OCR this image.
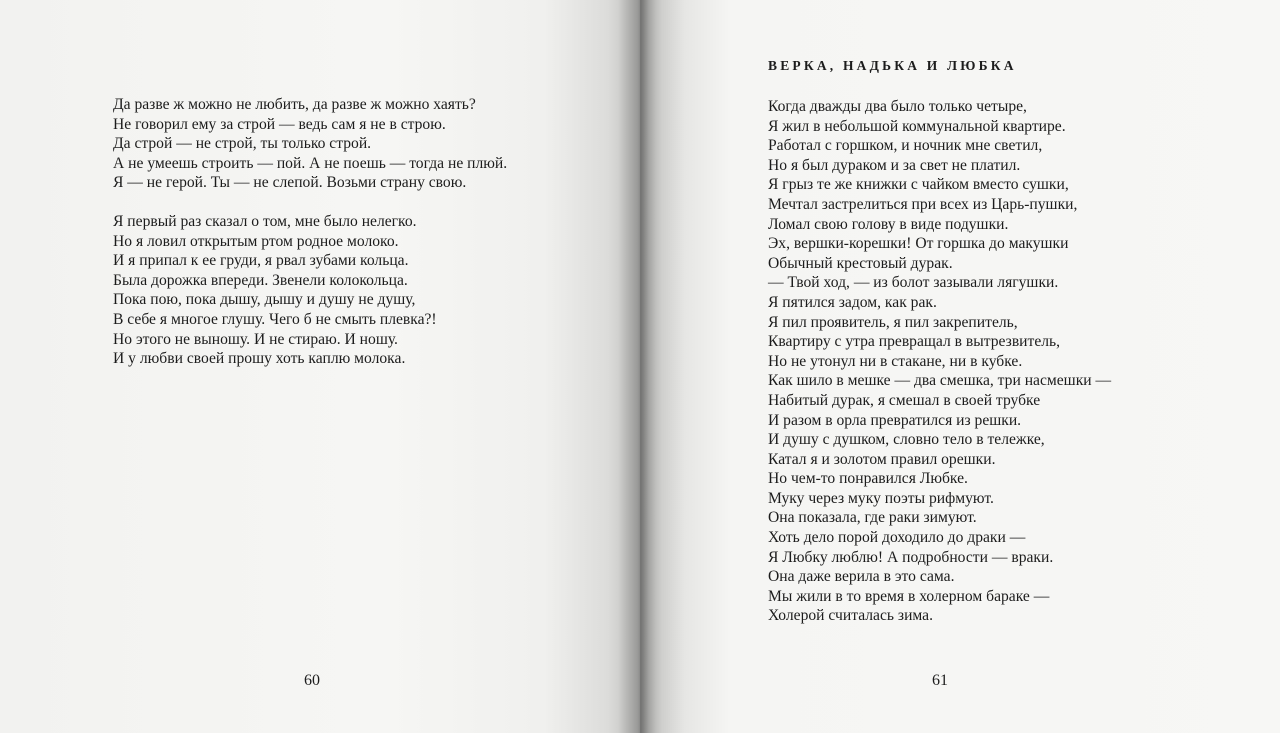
Да разве ж можно не любить, да разве ж можно хаять?
Не говорил ему за строй — ведь сам я не в строю.
Да строй — не строй, ты только строй.
А не умеешь строить — пой. А не поешь — тогда не плюй.
Я — не герой. Ты — не слепой. Возьми страну свою.
Я первый раз сказал о том, мне было нелегко.
Но я ловил открытым ртом родное молоко.
И я припал к ее груди, я рвал зубами кольца.
Была дорожка впереди. Звенели колокольца.
Пока пою, пока дышу, дышу и душу не душу,
В себе я многое глушу. Чего б не смыть плевка?!
Но этого не выношу. И не стираю. И ношу.
И у любви своей прошу хоть каплю молока.
60
ВЕРКА, НАДЬКА И ЛЮБКА
Когда дважды два было только четыре,
Я жил в небольшой коммунальной квартире.
Работал с горшком, и ночник мне светил,
Но я был дураком и за свет не платил.
Я грыз те же книжки с чайком вместо сушки,
Мечтал застрелиться при всех из Царь-пушки,
Ломал свою голову в виде подушки.
Эх, вершки-корешки! От горшка до макушки
Обычный крестовый дурак.
— Твой ход, — из болот зазывали лягушки.
Я пятился задом, как рак.
Я пил проявитель, я пил закрепитель,
Квартиру с утра превращал в вытрезвитель,
Но не утонул ни в стакане, ни в кубке.
Как шило в мешке — два смешка, три насмешки —
Набитый дурак, я смешал в своей трубке
И разом в орла превратился из решки.
И душу с душком, словно тело в тележке,
Катал я и золотом правил орешки.
Но чем-то понравился Любке.
Муку через муку поэты рифмуют.
Она показала, где раки зимуют.
Хоть дело порой доходило до драки —
Я Любку люблю! А подробности — враки.
Она даже верила в это сама.
Мы жили в то время в холерном бараке —
Холерой считалась зима.
61
